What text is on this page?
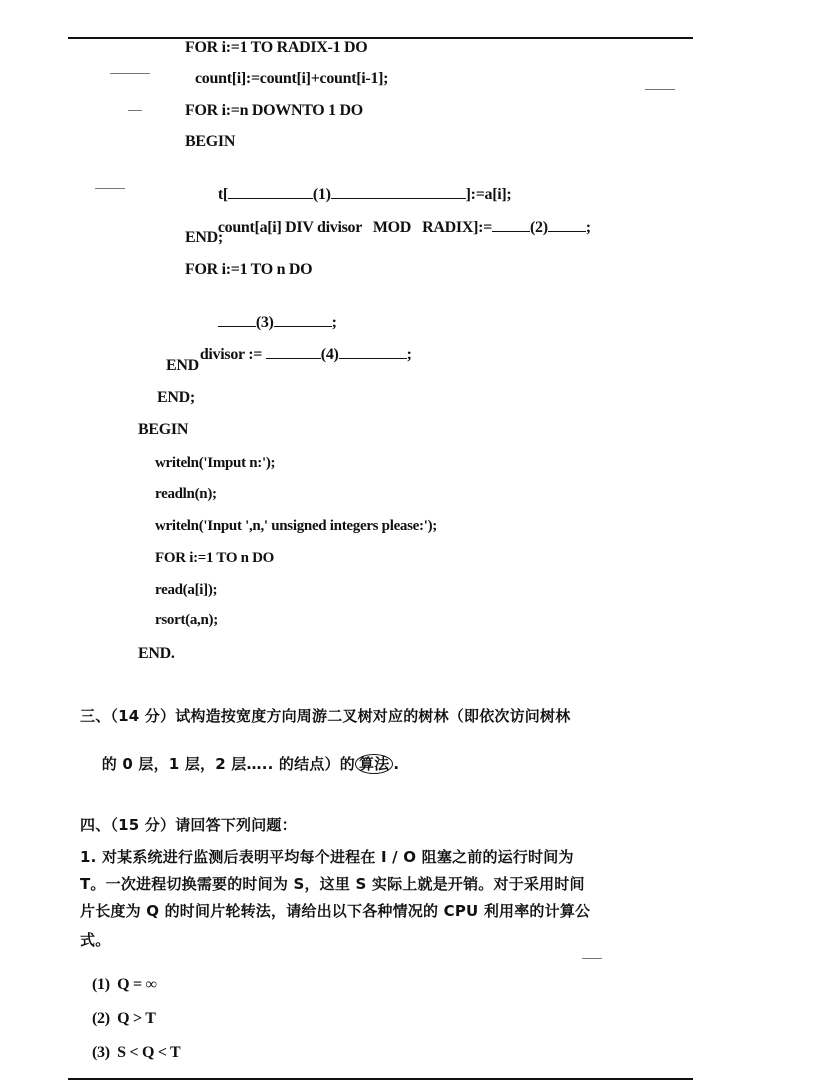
FOR i:=1 TO RADIX-1 DO
count[i]:=count[i]+count[i-1];
FOR i:=n DOWNTO 1 DO
BEGIN

t[	(1)	]:=a[i];

count[a[i] DIV divisor   MOD   RADIX]:= (2) ;

END;
FOR i:=1 TO n DO

(3)	;

divisor :=	(4)	;

END
END;
BEGIN
writeln('Imput n:');
readln(n);
writeln('Input ',n,' unsigned integers please:');
FOR i:=1 TO n DO
read(a[i]);
rsort(a,n);
END.
三、（14 分）试构造按宽度方向周游二叉树对应的树林（即依次访问树林

的 0 层，1 层，2 层….. 的结点）的 算法 .

四、（15 分）请回答下列问题：
1. 对某系统进行监测后表明平均每个进程在 I / O 阻塞之前的运行时间为
T。一次进程切换需要的时间为 S，这里 S 实际上就是开销。对于采用时间
片长度为 Q 的时间片轮转法，请给出以下各种情况的 CPU 利用率的计算公
式。
(1)  Q = ∞
(2)  Q > T
(3)  S < Q < T
